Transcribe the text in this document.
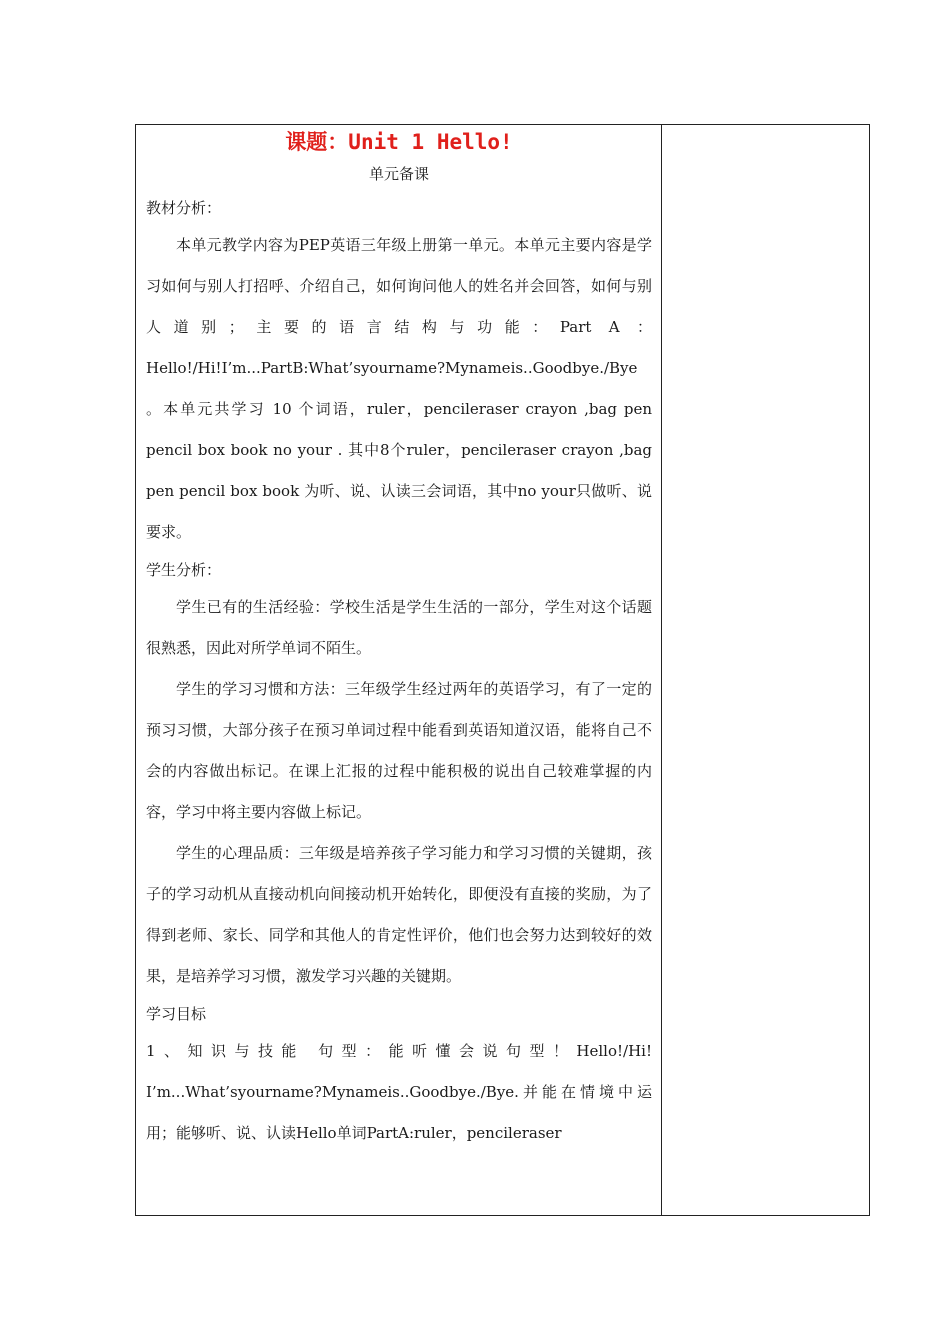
课题：Unit 1 Hello!
单元备课
教材分析：

本单元教学内容为PEP英语三年级上册第一单元。本单元主要内容是学习如何与别人打招呼、介绍自己，如何询问他人的姓名并会回答，如何与别人道别；主要的语言结构与功能：Part A ：Hello!/Hi!I’m...PartB:What’syourname?Mynameis..Goodbye./Bye 。本单元共学习 10 个词语，ruler，pencileraser crayon ,bag pen pencil box book no your . 其中8个ruler，pencileraser crayon ,bag pen pencil box book 为听、说、认读三会词语，其中no your只做听、说要求。

学生分析：

学生已有的生活经验：学校生活是学生生活的一部分，学生对这个话题很熟悉，因此对所学单词不陌生。

学生的学习习惯和方法：三年级学生经过两年的英语学习，有了一定的预习习惯，大部分孩子在预习单词过程中能看到英语知道汉语，能将自己不会的内容做出标记。在课上汇报的过程中能积极的说出自己较难掌握的内容，学习中将主要内容做上标记。

学生的心理品质：三年级是培养孩子学习能力和学习习惯的关键期，孩子的学习动机从直接动机向间接动机开始转化，即便没有直接的奖励，为了得到老师、家长、同学和其他人的肯定性评价，他们也会努力达到较好的效果，是培养学习习惯，激发学习兴趣的关键期。

学习目标

1、知识与技能 句型：能听懂会说句型！Hello!/Hi! I’m...What’syourname?Mynameis..Goodbye./Bye.并能在情境中运用；能够听、说、认读Hello单词PartA:ruler，pencileraser
